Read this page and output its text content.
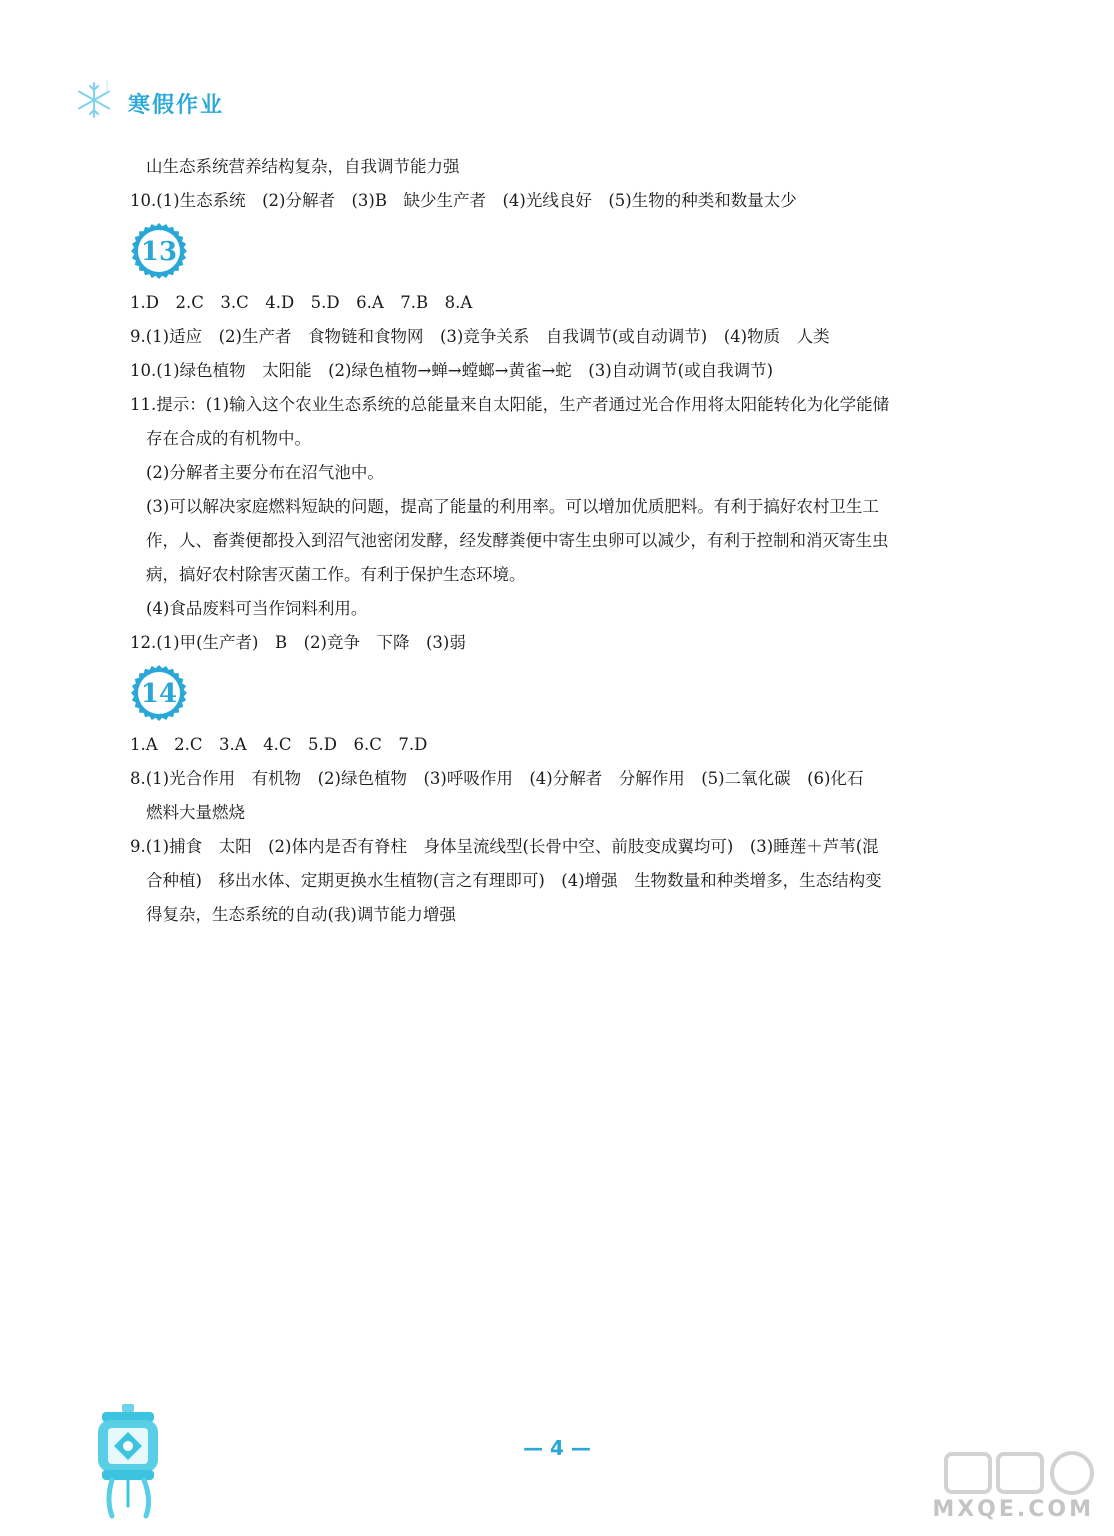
寒假作业
山生态系统营养结构复杂，自我调节能力强
10.(1)生态系统　(2)分解者　(3)B　缺少生产者　(4)光线良好　(5)生物的种类和数量太少
13
1.D　2.C　3.C　4.D　5.D　6.A　7.B　8.A
9.(1)适应　(2)生产者　食物链和食物网　(3)竞争关系　自我调节(或自动调节)　(4)物质　人类
10.(1)绿色植物　太阳能　(2)绿色植物→蝉→螳螂→黄雀→蛇　(3)自动调节(或自我调节)
11.提示：(1)输入这个农业生态系统的总能量来自太阳能，生产者通过光合作用将太阳能转化为化学能储
存在合成的有机物中。
(2)分解者主要分布在沼气池中。
(3)可以解决家庭燃料短缺的问题，提高了能量的利用率。可以增加优质肥料。有利于搞好农村卫生工
作，人、畜粪便都投入到沼气池密闭发酵，经发酵粪便中寄生虫卵可以减少，有利于控制和消灭寄生虫
病，搞好农村除害灭菌工作。有利于保护生态环境。
(4)食品废料可当作饲料利用。
12.(1)甲(生产者)　B　(2)竞争　下降　(3)弱
14
1.A　2.C　3.A　4.C　5.D　6.C　7.D
8.(1)光合作用　有机物　(2)绿色植物　(3)呼吸作用　(4)分解者　分解作用　(5)二氧化碳　(6)化石
燃料大量燃烧
9.(1)捕食　太阳　(2)体内是否有脊柱　身体呈流线型(长骨中空、前肢变成翼均可)　(3)睡莲＋芦苇(混
合种植)　移出水体、定期更换水生植物(言之有理即可)　(4)增强　生物数量和种类增多，生态结构变
得复杂，生态系统的自动(我)调节能力增强
— 4 —
MXQE.COM
